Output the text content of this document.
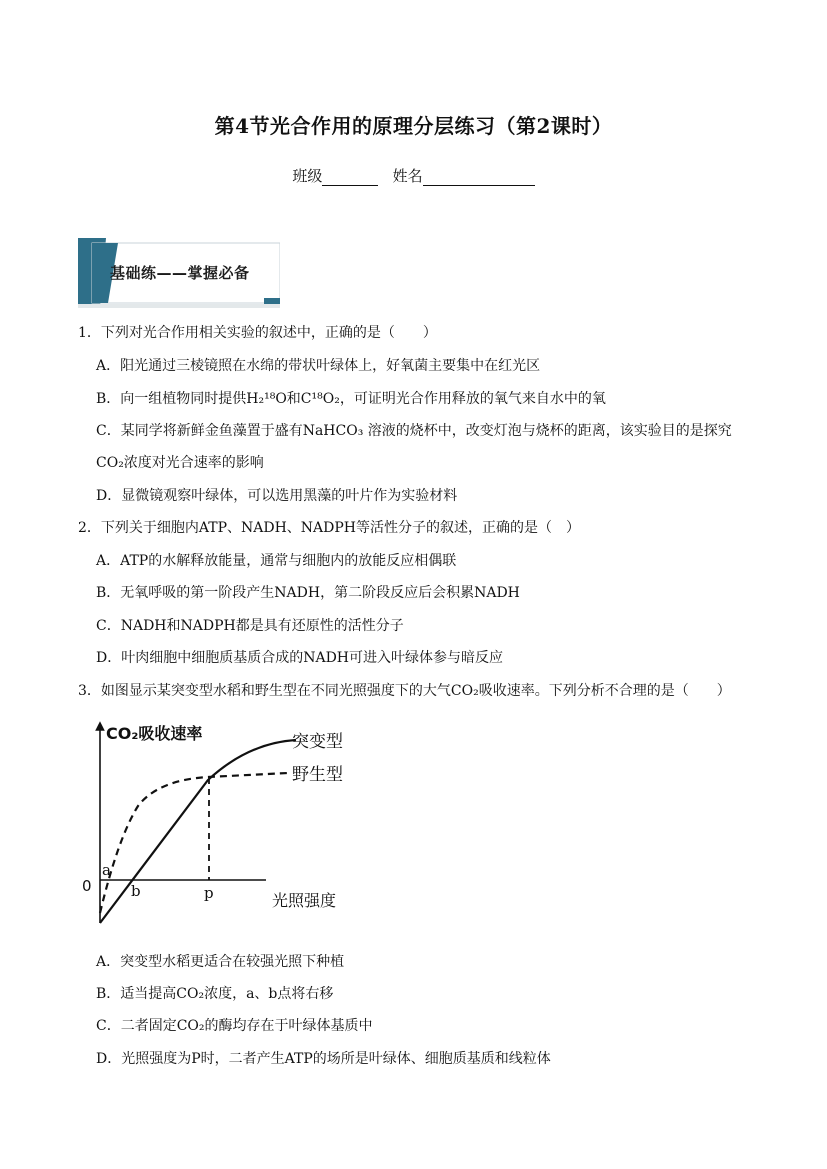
第4节光合作用的原理分层练习（第2课时）
班级	姓名
基础练——掌握必备
1．下列对光合作用相关实验的叙述中，正确的是（　　）
A．阳光通过三棱镜照在水绵的带状叶绿体上，好氧菌主要集中在红光区
B．向一组植物同时提供H₂¹⁸O和C¹⁸O₂，可证明光合作用释放的氧气来自水中的氧
C．某同学将新鲜金鱼藻置于盛有NaHCO₃ 溶液的烧杯中，改变灯泡与烧杯的距离，该实验目的是探究
CO₂浓度对光合速率的影响
D．显微镜观察叶绿体，可以选用黑藻的叶片作为实验材料
2．下列关于细胞内ATP、NADH、NADPH等活性分子的叙述，正确的是（　）
A．ATP的水解释放能量，通常与细胞内的放能反应相偶联
B．无氧呼吸的第一阶段产生NADH，第二阶段反应后会积累NADH
C．NADH和NADPH都是具有还原性的活性分子
D．叶肉细胞中细胞质基质合成的NADH可进入叶绿体参与暗反应
3．如图显示某突变型水稻和野生型在不同光照强度下的大气CO₂吸收速率。下列分析不合理的是（　　）
CO₂吸收速率
光照强度
0
a
b	p
突变型
野生型
A．突变型水稻更适合在较强光照下种植
B．适当提高CO₂浓度，a、b点将右移
C．二者固定CO₂的酶均存在于叶绿体基质中
D．光照强度为P时，二者产生ATP的场所是叶绿体、细胞质基质和线粒体
